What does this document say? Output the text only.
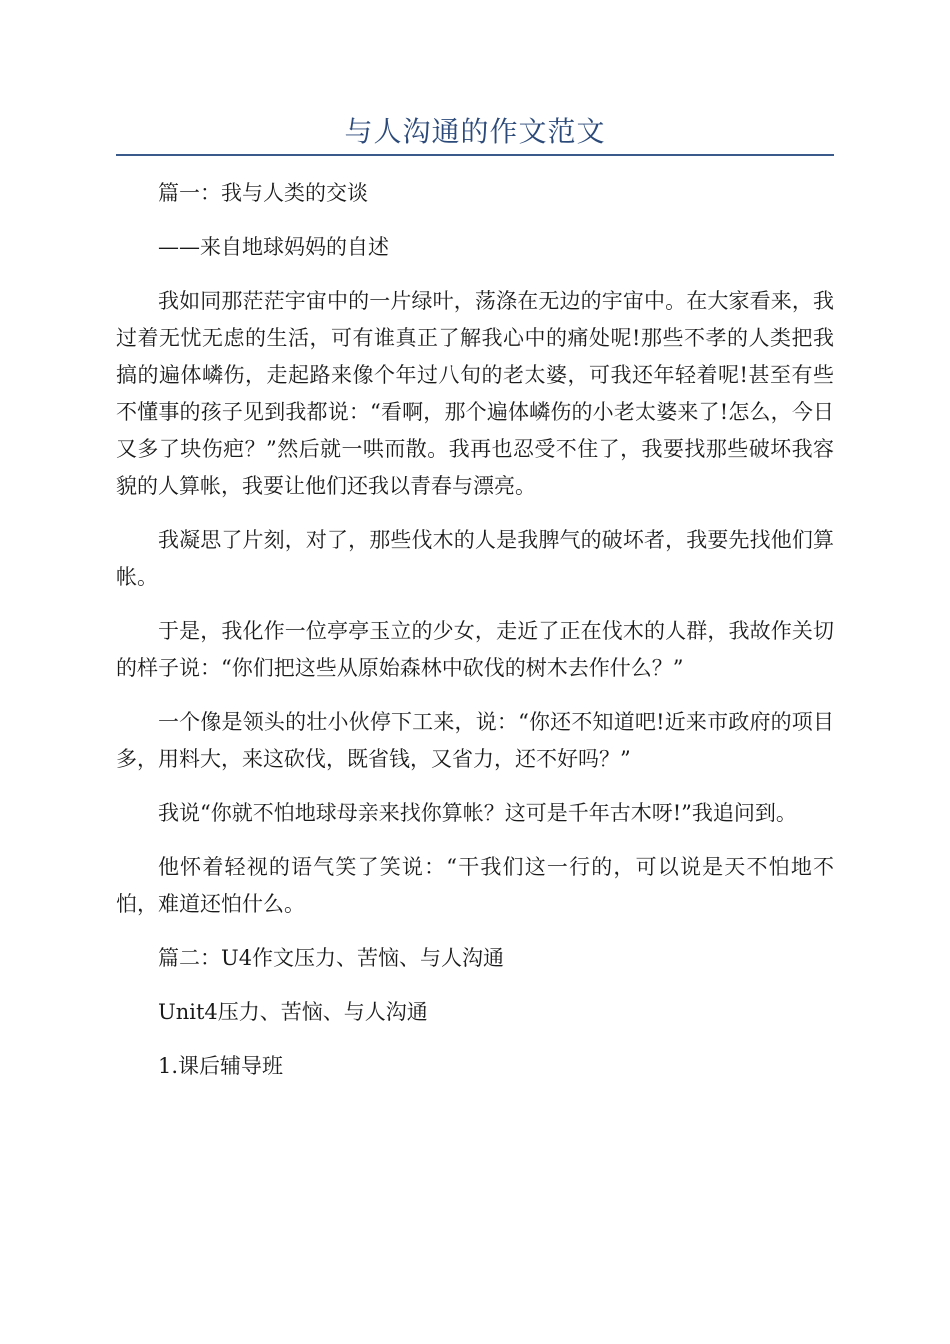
与人沟通的作文范文

篇一：我与人类的交谈

——来自地球妈妈的自述

我如同那茫茫宇宙中的一片绿叶，荡涤在无边的宇宙中。在大家看来，我过着无忧无虑的生活，可有谁真正了解我心中的痛处呢!那些不孝的人类把我搞的遍体嶙伤，走起路来像个年过八旬的老太婆，可我还年轻着呢!甚至有些不懂事的孩子见到我都说：“看啊，那个遍体嶙伤的小老太婆来了!怎么，今日又多了块伤疤？”然后就一哄而散。我再也忍受不住了，我要找那些破坏我容貌的人算帐，我要让他们还我以青春与漂亮。

我凝思了片刻，对了，那些伐木的人是我脾气的破坏者，我要先找他们算帐。

于是，我化作一位亭亭玉立的少女，走近了正在伐木的人群，我故作关切的样子说：“你们把这些从原始森林中砍伐的树木去作什么？”

一个像是领头的壮小伙停下工来，说：“你还不知道吧!近来市政府的项目多，用料大，来这砍伐，既省钱，又省力，还不好吗？”

我说“你就不怕地球母亲来找你算帐？这可是千年古木呀!”我追问到。

他怀着轻视的语气笑了笑说：“干我们这一行的，可以说是天不怕地不怕，难道还怕什么。

篇二：U4作文压力、苦恼、与人沟通

Unit4压力、苦恼、与人沟通

1.课后辅导班
